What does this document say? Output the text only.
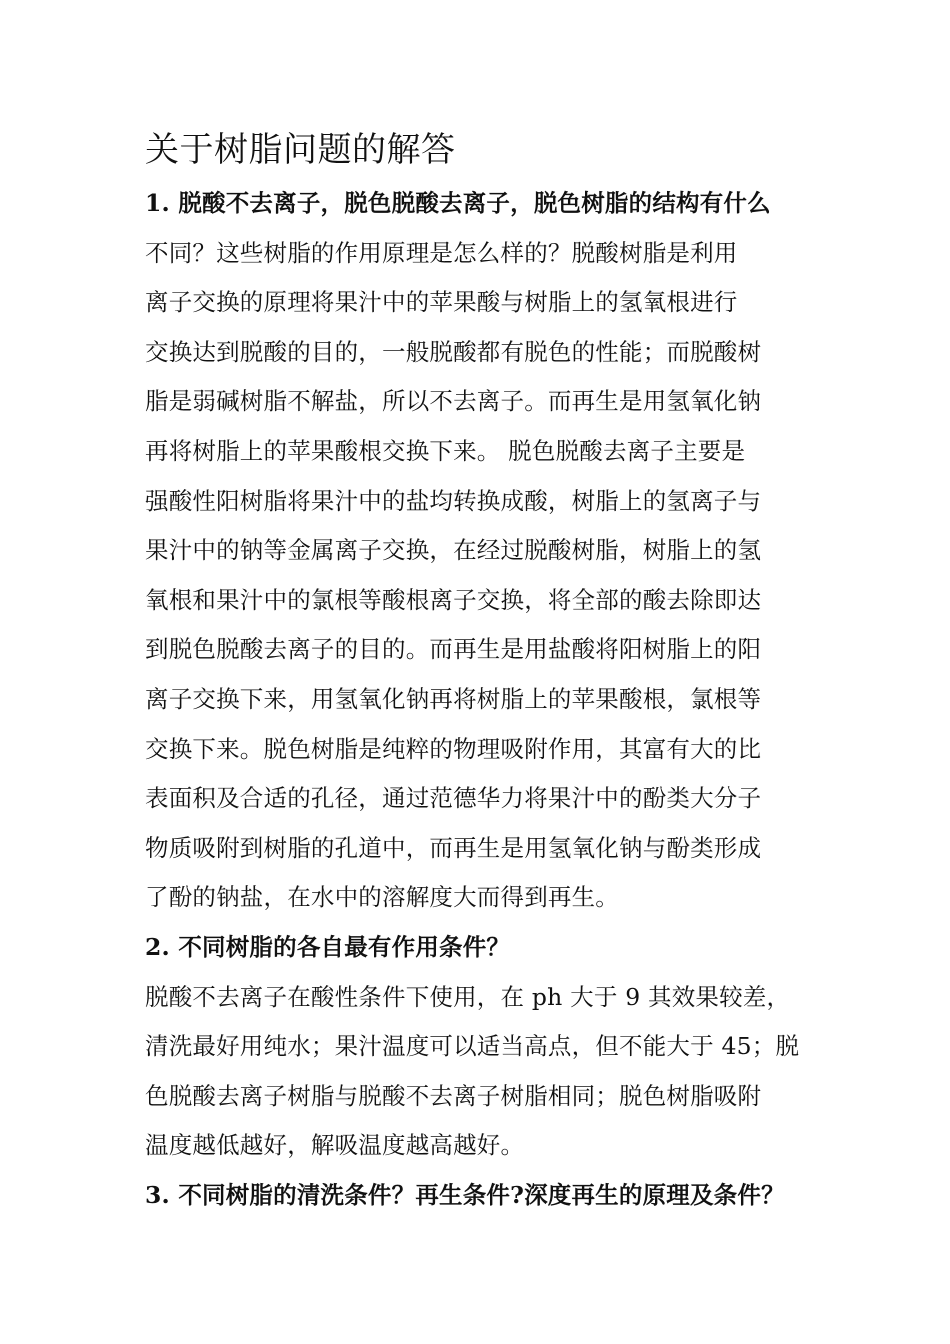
关于树脂问题的解答
1. 脱酸不去离子，脱色脱酸去离子，脱色树脂的结构有什么
不同？这些树脂的作用原理是怎么样的？脱酸树脂是利用
离子交换的原理将果汁中的苹果酸与树脂上的氢氧根进行
交换达到脱酸的目的，一般脱酸都有脱色的性能；而脱酸树
脂是弱碱树脂不解盐，所以不去离子。而再生是用氢氧化钠
再将树脂上的苹果酸根交换下来。 脱色脱酸去离子主要是
强酸性阳树脂将果汁中的盐均转换成酸，树脂上的氢离子与
果汁中的钠等金属离子交换，在经过脱酸树脂，树脂上的氢
氧根和果汁中的氯根等酸根离子交换，将全部的酸去除即达
到脱色脱酸去离子的目的。而再生是用盐酸将阳树脂上的阳
离子交换下来，用氢氧化钠再将树脂上的苹果酸根，氯根等
交换下来。脱色树脂是纯粹的物理吸附作用，其富有大的比
表面积及合适的孔径，通过范德华力将果汁中的酚类大分子
物质吸附到树脂的孔道中，而再生是用氢氧化钠与酚类形成
了酚的钠盐，在水中的溶解度大而得到再生。
2. 不同树脂的各自最有作用条件？
脱酸不去离子在酸性条件下使用，在 ph 大于 9 其效果较差，
清洗最好用纯水；果汁温度可以适当高点，但不能大于 45；脱
色脱酸去离子树脂与脱酸不去离子树脂相同；脱色树脂吸附
温度越低越好，解吸温度越高越好。
3. 不同树脂的清洗条件？再生条件?深度再生的原理及条件？
